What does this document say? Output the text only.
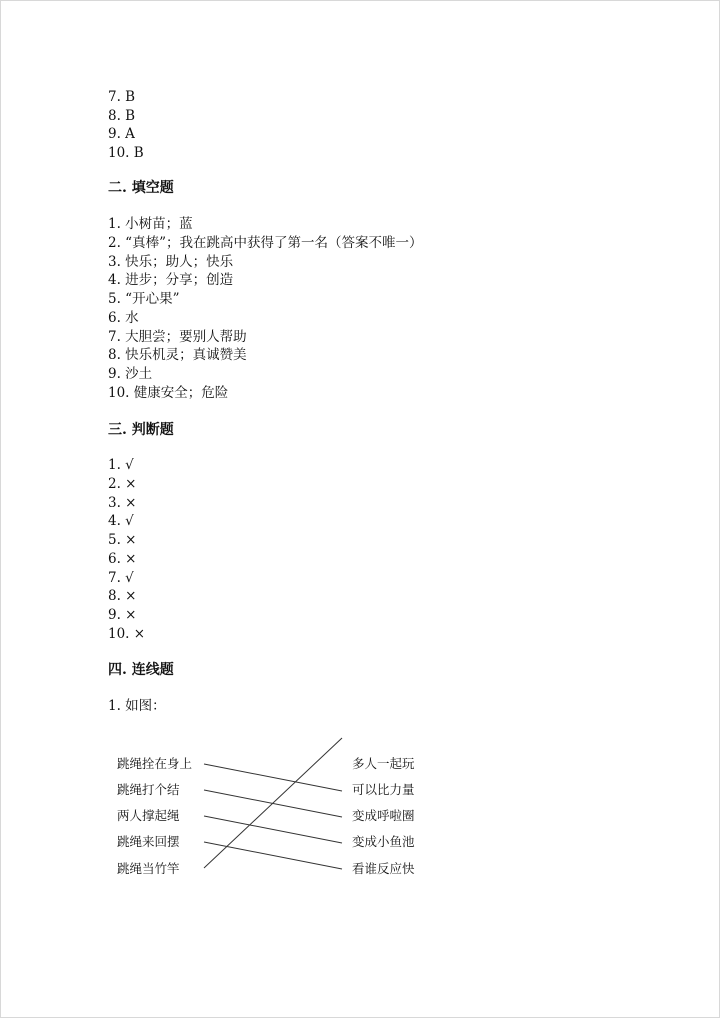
7. B
8. B
9. A
10. B
二. 填空题
1. 小树苗；蓝
2. “真棒”；我在跳高中获得了第一名（答案不唯一）
3. 快乐；助人；快乐
4. 进步；分享；创造
5. “开心果”
6. 水
7. 大胆尝；要别人帮助
8. 快乐机灵；真诚赞美
9. 沙土
10. 健康安全；危险
三. 判断题
1. √
2. ×
3. ×
4. √
5. ×
6. ×
7. √
8. ×
9. ×
10. ×
四. 连线题
1. 如图：
跳绳拴在身上
跳绳打个结
两人撑起绳
跳绳来回摆
跳绳当竹竿
多人一起玩
可以比力量
变成呼啦圈
变成小鱼池
看谁反应快
